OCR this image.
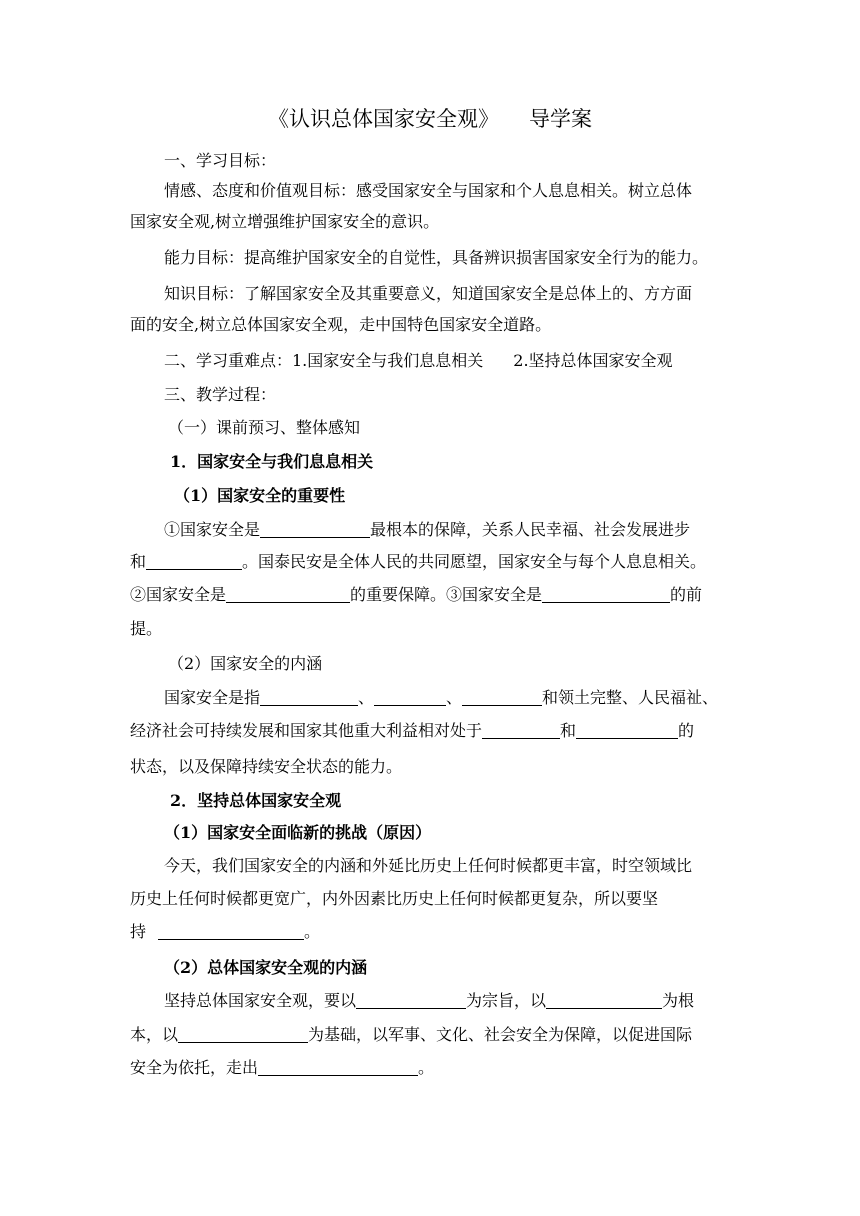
《认识总体国家安全观》 导学案
一、学习目标：
情感、态度和价值观目标：感受国家安全与国家和个人息息相关。树立总体
国家安全观,树立增强维护国家安全的意识。
能力目标：提高维护国家安全的自觉性，具备辨识损害国家安全行为的能力。
知识目标：了解国家安全及其重要意义，知道国家安全是总体上的、方方面
面的安全,树立总体国家安全观，走中国特色国家安全道路。
二、学习重难点：1.国家安全与我们息息相关 2.坚持总体国家安全观
三、教学过程：
（一）课前预习、整体感知
1．国家安全与我们息息相关
（1）国家安全的重要性
①国家安全是	最根本的保障，关系人民幸福、社会发展进步
和	。国泰民安是全体人民的共同愿望，国家安全与每个人息息相关。
②国家安全是	的重要保障。③国家安全是	的前
提。
（2）国家安全的内涵
国家安全是指	、	、	和领土完整、人民福祉、
经济社会可持续发展和国家其他重大利益相对处于	和	的
状态，以及保障持续安全状态的能力。
2．坚持总体国家安全观
（1）国家安全面临新的挑战（原因）
今天，我们国家安全的内涵和外延比历史上任何时候都更丰富，时空领域比
历史上任何时候都更宽广，内外因素比历史上任何时候都更复杂，所以要坚
持	。
（2）总体国家安全观的内涵
坚持总体国家安全观，要以	为宗旨，以	为根
本，以	为基础，以军事、文化、社会安全为保障，以促进国际
安全为依托，走出	。
